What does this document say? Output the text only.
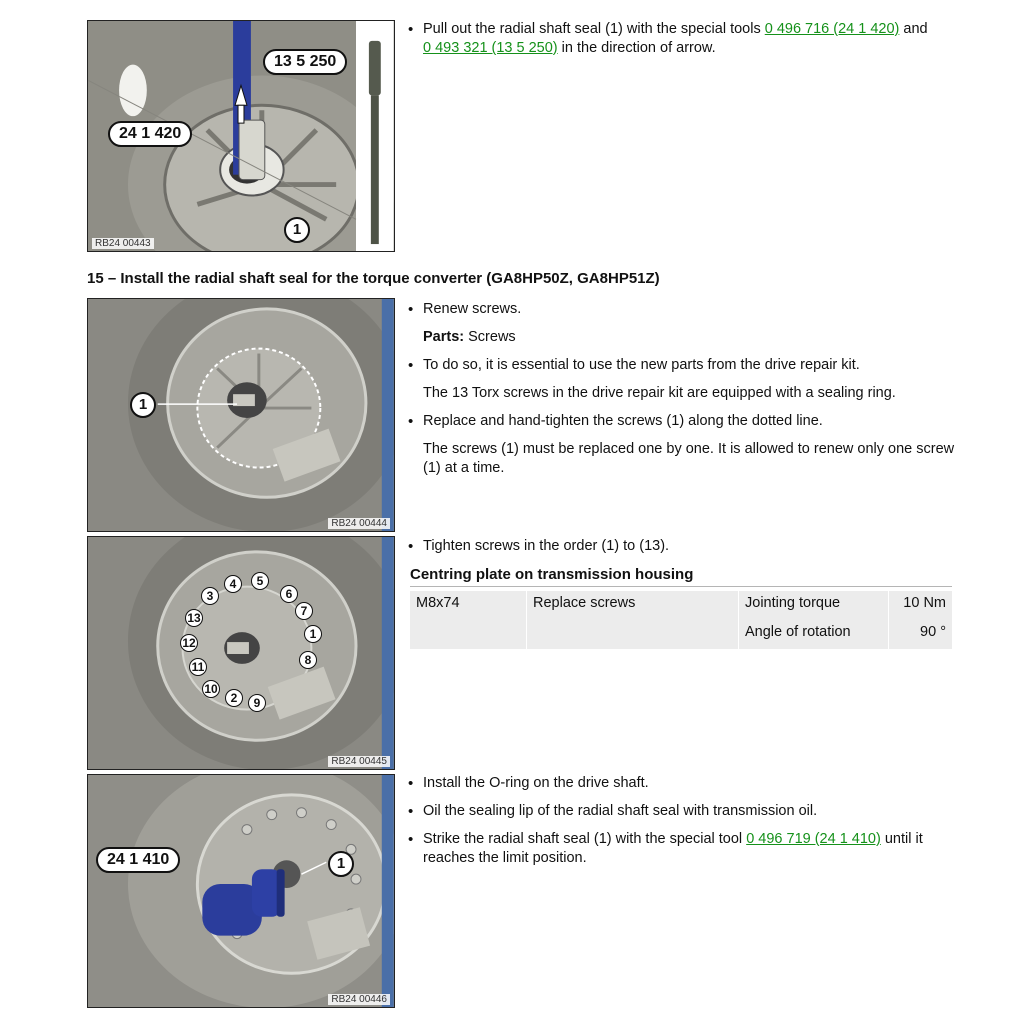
13 5 250
24 1 420
1
RB24 00443
• Pull out the radial shaft seal (1) with the special tools 0 496 716 (24 1 420) and
0 493 321 (13 5 250) in the direction of arrow.
15 – Install the radial shaft seal for the torque converter (GA8HP50Z, GA8HP51Z)
1
RB24 00444
• Renew screws.
Parts: Screws
• To do so, it is essential to use the new parts from the drive repair kit.
The 13 Torx screws in the drive repair kit are equipped with a sealing ring.
• Replace and hand-tighten the screws (1) along the dotted line.
The screws (1) must be replaced one by one. It is allowed to renew only one screw (1) at a time.
1
2
3
4	5
6
7
8
9
10
11
12
13
RB24 00445
• Tighten screws in the order (1) to (13).
Centring plate on transmission housing
M8x74	Replace screws	Jointing torque	10 Nm
		Angle of rotation	90 °
24 1 410	1
RB24 00446
• Install the O-ring on the drive shaft.
• Oil the sealing lip of the radial shaft seal with transmission oil.
• Strike the radial shaft seal (1) with the special tool 0 496 719 (24 1 410) until it reaches the limit position.
